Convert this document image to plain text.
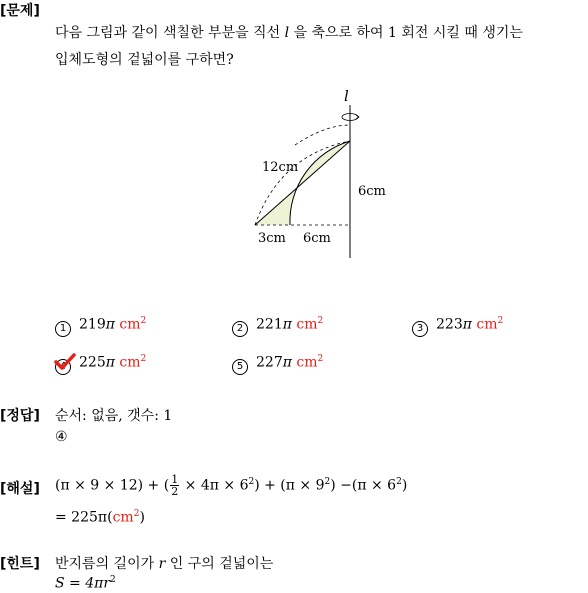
[문제]
다음 그림과 같이 색칠한 부분을 직선 l 을 축으로 하여 1 회전 시킬 때 생기는
입체도형의 겉넓이를 구하면?
l
12cm
6cm
3cm 6cm
1 219π $cm^2$
2 221π $cm^2$
3 223π $cm^2$
4 225π $cm^2$
5 227π $cm^2$
[정답] 순서: 없음, 갯수: 1
④
[해설] (π × 9 × 12) + ( $\frac{1}{2} \times 4\pi \times 6^2) + (\pi \times 9^2) -(\pi \times 6^2)$
= $225\pi(cm^2)$
[힌트] 반지름의 길이가 r 인 구의 겉넓이는
$S = 4\pi r^2$
